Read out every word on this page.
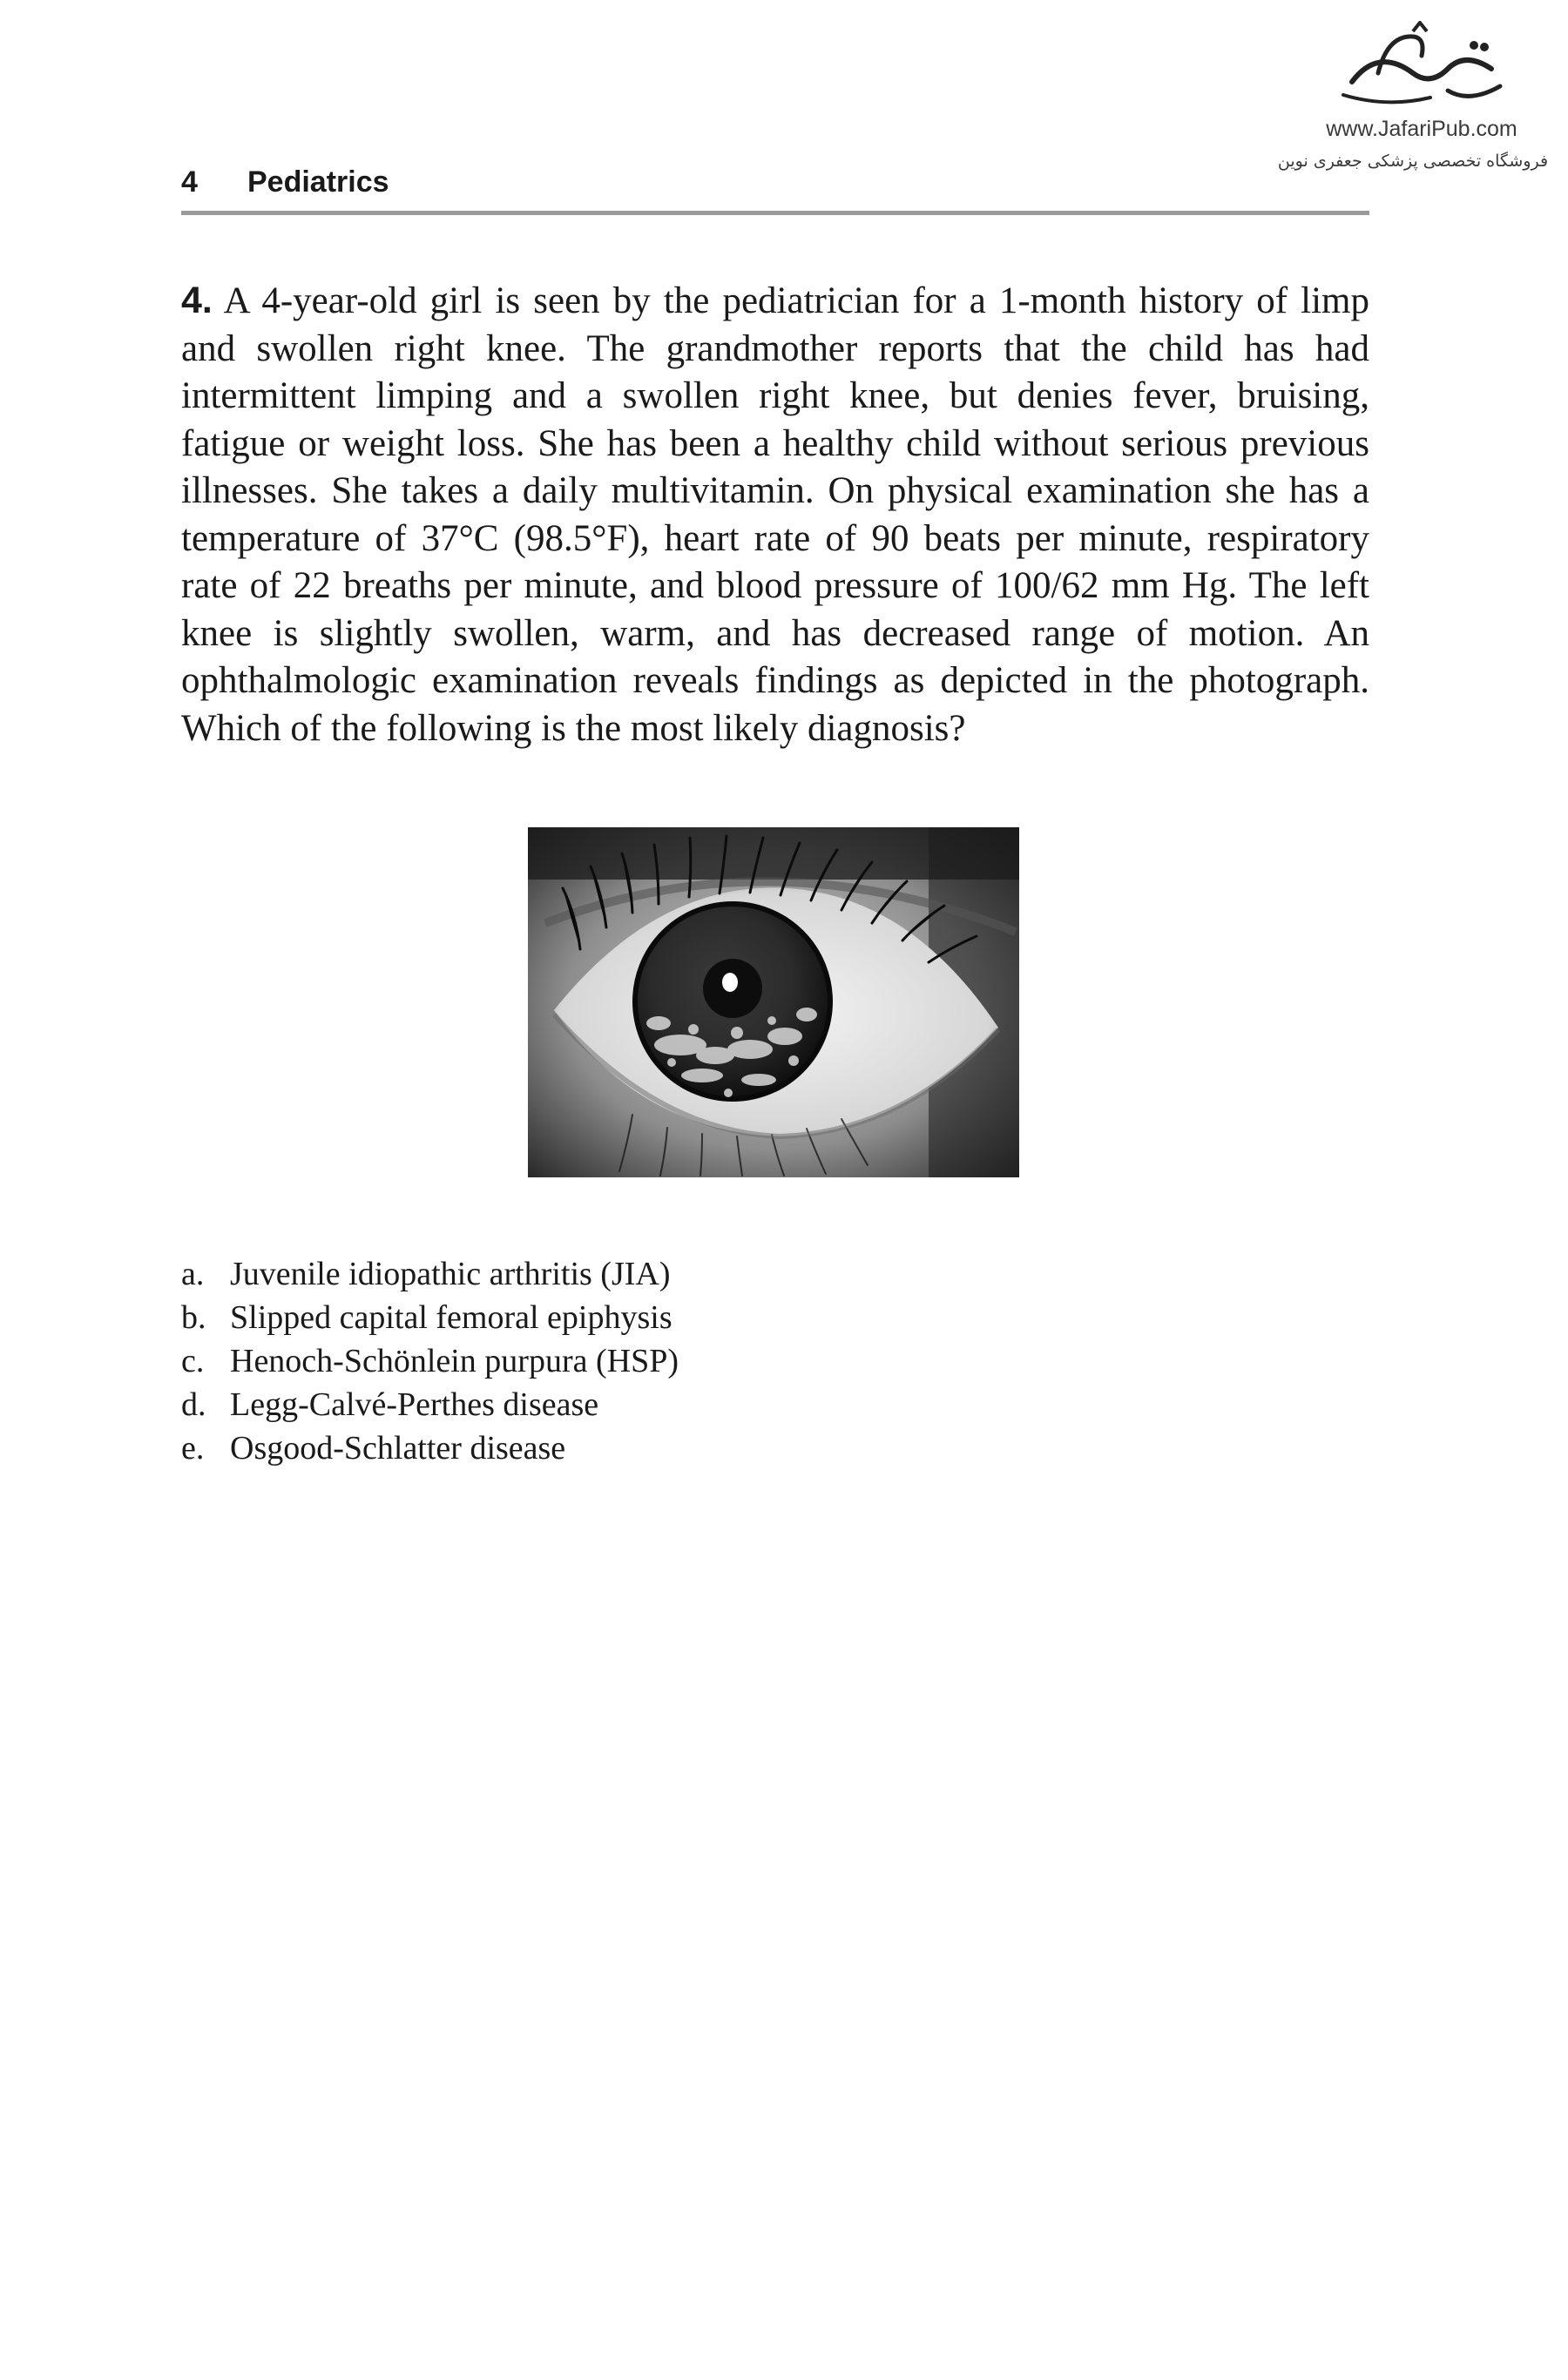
www.JafariPub.com
فروشگاه تخصصی پزشکی جعفری نوین
4 Pediatrics

4. A 4-year-old girl is seen by the pediatrician for a 1-month history of limp and swollen right knee. The grandmother reports that the child has had intermittent limping and a swollen right knee, but denies fever, bruising, fatigue or weight loss. She has been a healthy child without serious previous illnesses. She takes a daily multivitamin. On physical examination she has a temperature of 37°C (98.5°F), heart rate of 90 beats per minute, respiratory rate of 22 breaths per minute, and blood pressure of 100/62 mm Hg. The left knee is slightly swollen, warm, and has decreased range of motion. An ophthalmologic examination reveals findings as depicted in the photograph. Which of the following is the most likely diagnosis?

a. Juvenile idiopathic arthritis (JIA)
b. Slipped capital femoral epiphysis
c. Henoch-Schönlein purpura (HSP)
d. Legg-Calvé-Perthes disease
e. Osgood-Schlatter disease
